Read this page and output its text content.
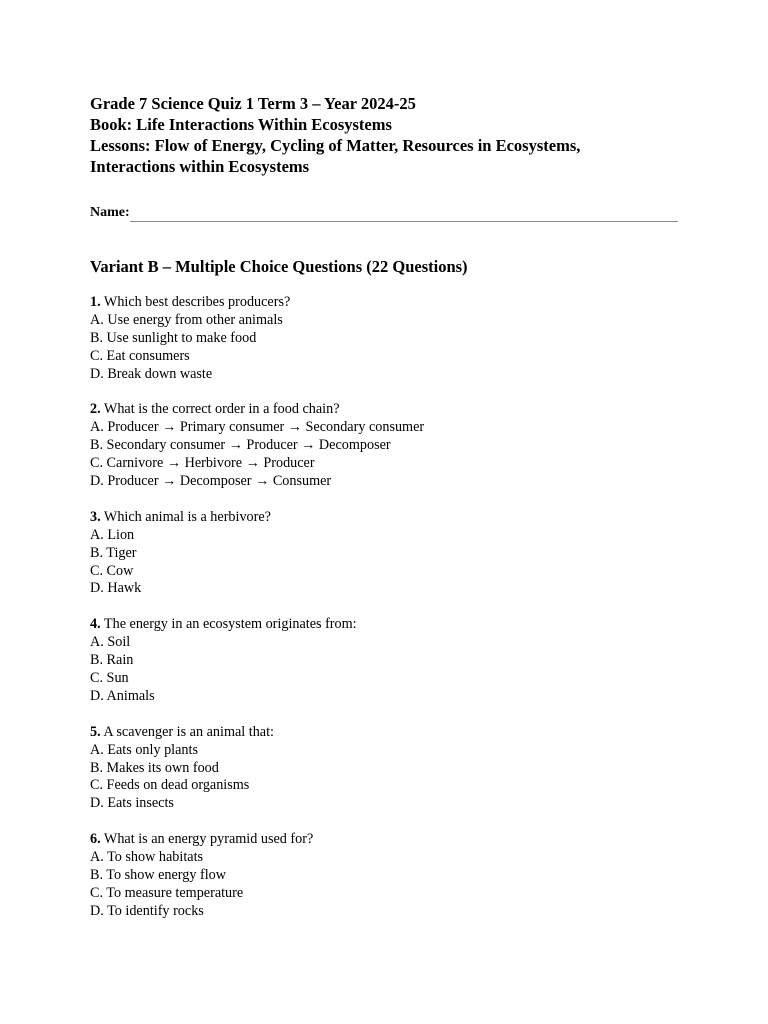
Grade 7 Science Quiz 1 Term 3 – Year 2024-25

Book: Life Interactions Within Ecosystems

Lessons: Flow of Energy, Cycling of Matter, Resources in Ecosystems,

Interactions within Ecosystems

Name:
Variant B – Multiple Choice Questions (22 Questions)
1. Which best describes producers?
A. Use energy from other animals
B. Use sunlight to make food
C. Eat consumers
D. Break down waste
2. What is the correct order in a food chain?
A. Producer → Primary consumer → Secondary consumer
B. Secondary consumer → Producer → Decomposer
C. Carnivore → Herbivore → Producer
D. Producer → Decomposer → Consumer
3. Which animal is a herbivore?
A. Lion
B. Tiger
C. Cow
D. Hawk
4. The energy in an ecosystem originates from:
A. Soil
B. Rain
C. Sun
D. Animals
5. A scavenger is an animal that:
A. Eats only plants
B. Makes its own food
C. Feeds on dead organisms
D. Eats insects
6. What is an energy pyramid used for?
A. To show habitats
B. To show energy flow
C. To measure temperature
D. To identify rocks
